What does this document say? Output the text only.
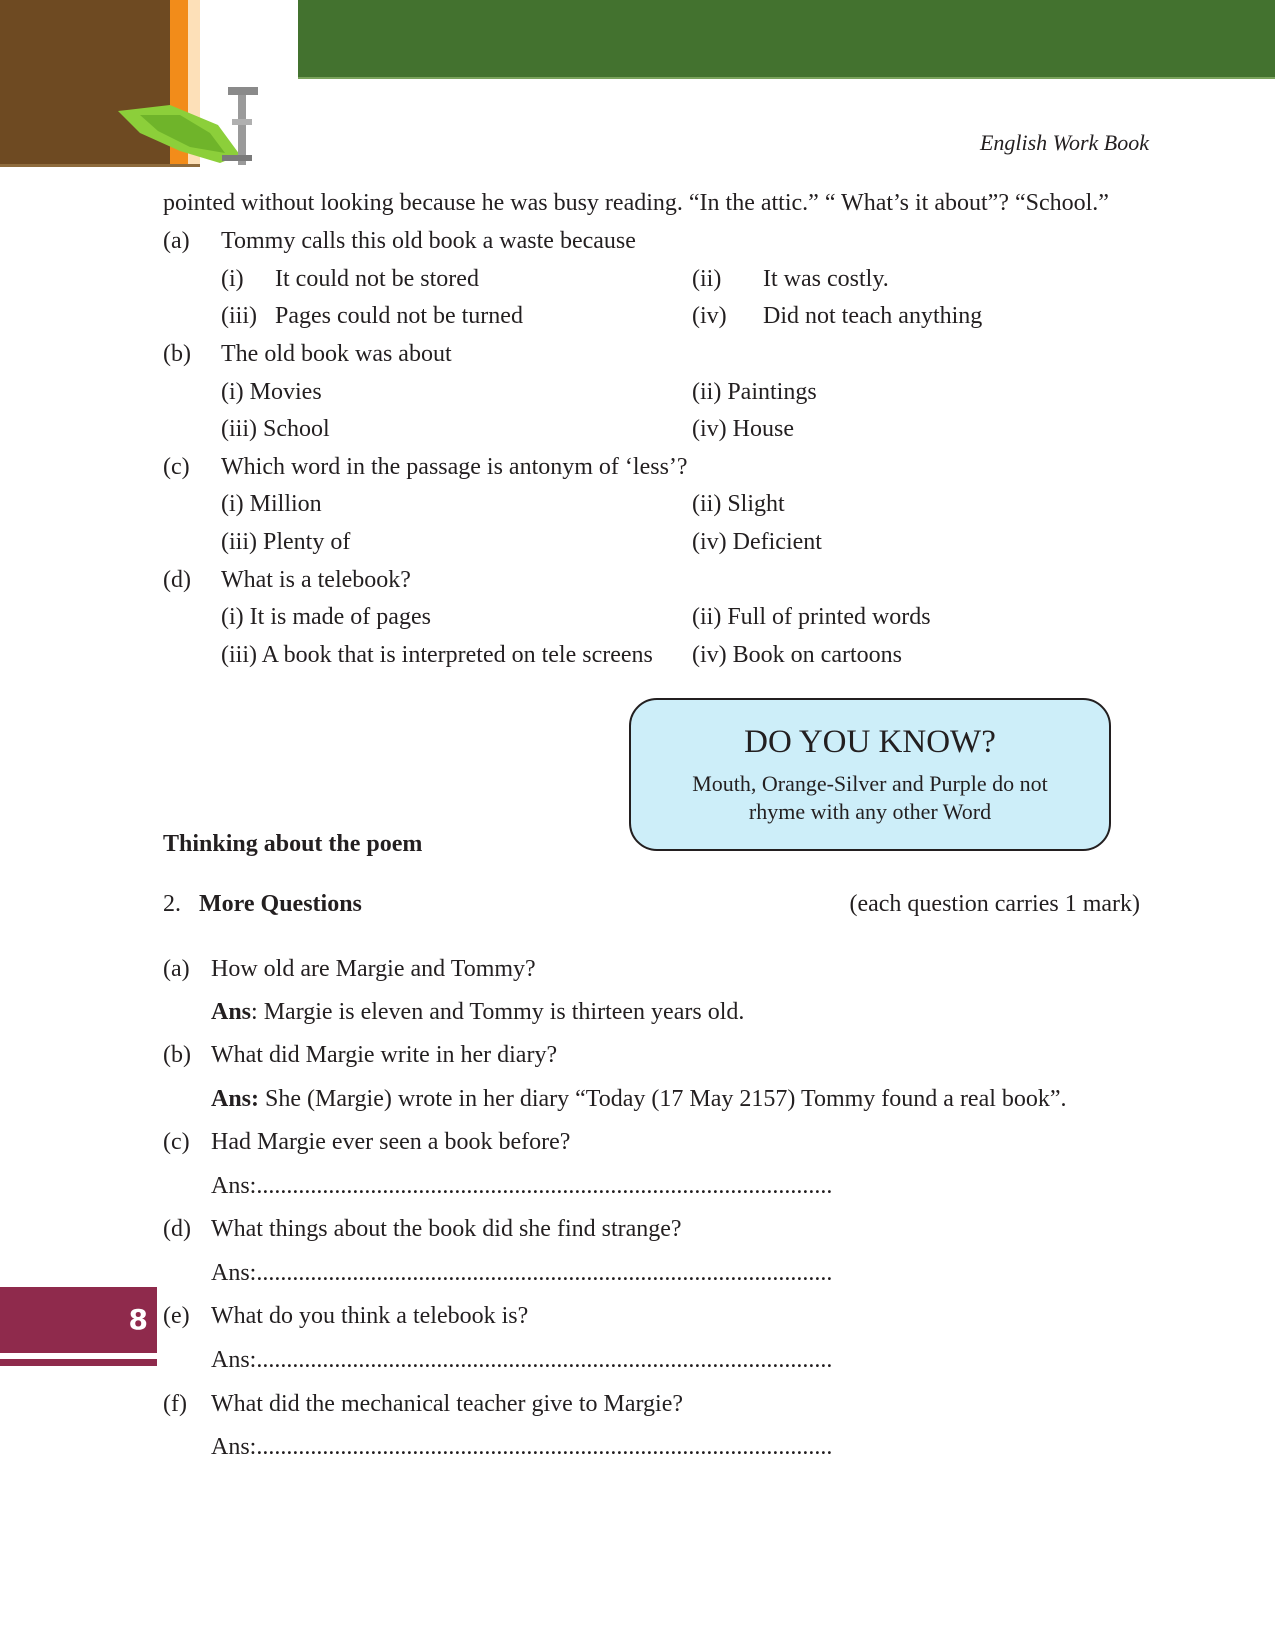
English Work Book
pointed without looking because he was busy reading. “In the attic.” “ What’s it about”? “School.”
(a) Tommy calls this old book a waste because
(i) It could not be stored	(ii) It was costly.
(iii) Pages could not be turned	(iv) Did not teach anything
(b) The old book was about
(i) Movies	(ii) Paintings
(iii) School	(iv) House
(c) Which word in the passage is antonym of ‘less’?
(i) Million	(ii) Slight
(iii) Plenty of	(iv) Deficient
(d) What is a telebook?
(i) It is made of pages	(ii) Full of printed words
(iii) A book that is interpreted on tele screens (iv) Book on cartoons
DO YOU KNOW?
Mouth, Orange-Silver and Purple do not
rhyme with any other Word
Thinking about the poem
2. More Questions	(each question carries 1 mark)
(a) How old are Margie and Tommy?
Ans: Margie is eleven and Tommy is thirteen years old.
(b) What did Margie write in her diary?
Ans: She (Margie) wrote in her diary “Today (17 May 2157) Tommy found a real book”.
(c) Had Margie ever seen a book before?
Ans:................................................................................................
(d) What things about the book did she find strange?
Ans:................................................................................................
(e) What do you think a telebook is?
Ans:................................................................................................
(f) What did the mechanical teacher give to Margie?
Ans:................................................................................................
8
